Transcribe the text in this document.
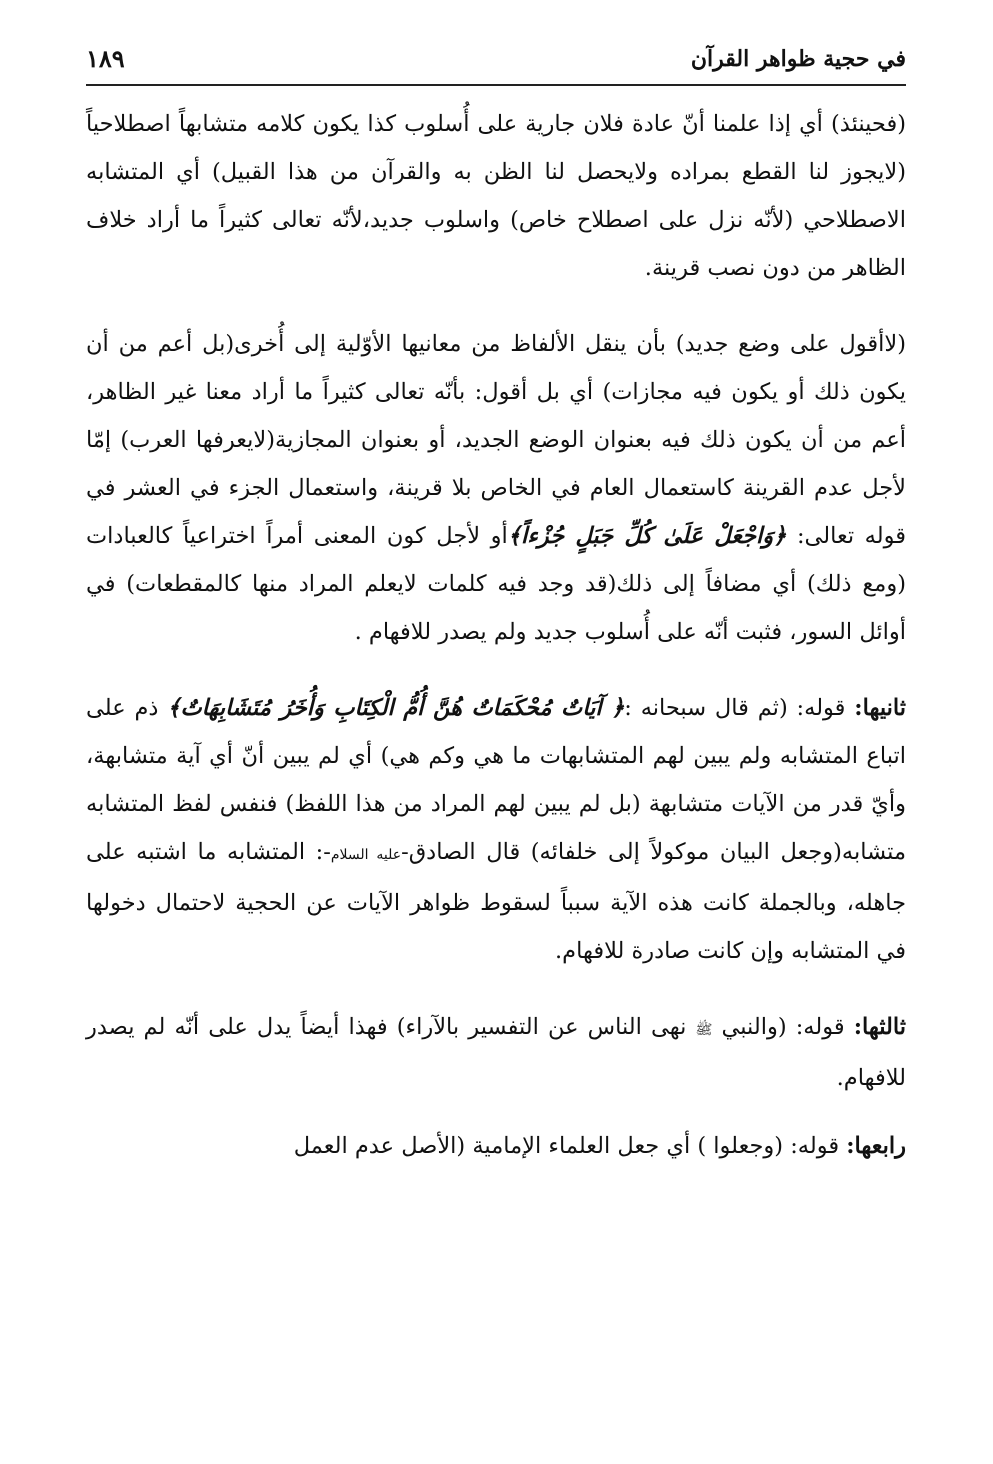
في حجية ظواهر القرآن
١٨٩

(فحينئذ) أي إذا علمنا أنّ عادة فلان جارية على أُسلوب كذا يكون كلامه متشابهاً اصطلاحياً (لايجوز لنا القطع بمراده ولايحصل لنا الظن به والقرآن من هذا القبيل) أي المتشابه الاصطلاحي (لأنّه نزل على اصطلاح خاص) واسلوب جديد،لأنّه تعالى كثيراً ما أراد خلاف الظاهر من دون نصب قرينة.

(لاأقول على وضع جديد) بأن ينقل الألفاظ من معانيها الأوّلية إلى أُخرى(بل أعم من أن يكون ذلك أو يكون فيه مجازات) أي بل أقول: بأنّه تعالى كثيراً ما أراد معنا غير الظاهر، أعم من أن يكون ذلك فيه بعنوان الوضع الجديد، أو بعنوان المجازية(لايعرفها العرب) إمّا لأجل عدم القرينة كاستعمال العام في الخاص بلا قرينة، واستعمال الجزء في العشر في قوله تعالى: ﴿وَاجْعَلْ عَلَىٰ كُلِّ جَبَلٍ جُزْءاً﴾أو لأجل كون المعنى أمراً اختراعياً كالعبادات (ومع ذلك) أي مضافاً إلى ذلك(قد وجد فيه كلمات لايعلم المراد منها كالمقطعات) في أوائل السور، فثبت أنّه على أُسلوب جديد ولم يصدر للافهام .

ثانيها: قوله: (ثم قال سبحانه :﴿ آيَاتٌ مُحْكَمَاتٌ هُنَّ أُمُّ الْكِتَابِ وَأُخَرُ مُتَشَابِهَاتٌ﴾ ذم على اتباع المتشابه ولم يبين لهم المتشابهات ما هي وكم هي) أي لم يبين أنّ أي آية متشابهة، وأيّ قدر من الآيات متشابهة (بل لم يبين لهم المراد من هذا اللفظ) فنفس لفظ المتشابه متشابه(وجعل البيان موكولاً إلى خلفائه) قال الصادق-عليه السلام-: المتشابه ما اشتبه على جاهله، وبالجملة كانت هذه الآية سبباً لسقوط ظواهر الآيات عن الحجية لاحتمال دخولها في المتشابه وإن كانت صادرة للافهام.

ثالثها: قوله: (والنبي ﷺ نهى الناس عن التفسير بالآراء) فهذا أيضاً يدل على أنّه لم يصدر للافهام.

رابعها: قوله: (وجعلوا ) أي جعل العلماء الإمامية (الأصل عدم العمل
